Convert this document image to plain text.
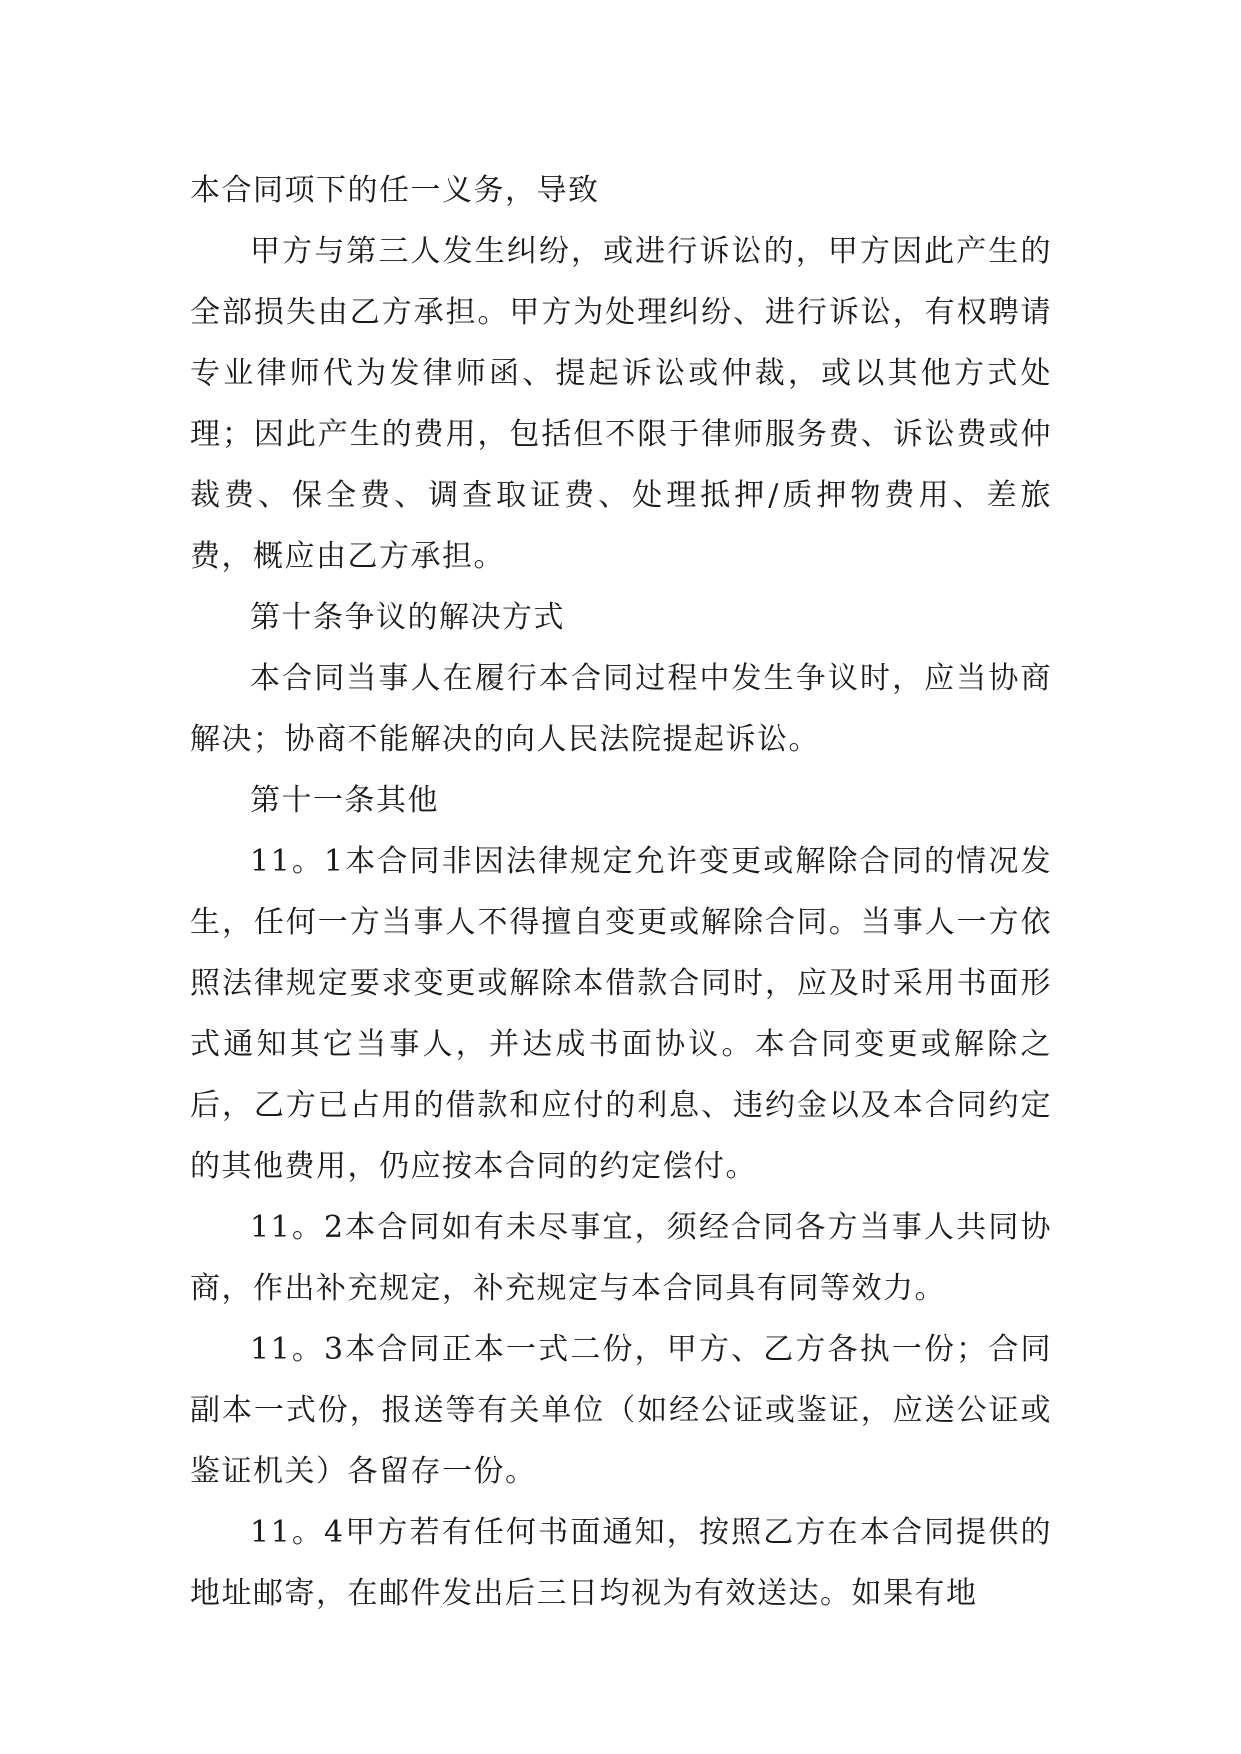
本合同项下的任一义务，导致

甲方与第三人发生纠纷，或进行诉讼的，甲方因此产生的全部损失由乙方承担。甲方为处理纠纷、进行诉讼，有权聘请专业律师代为发律师函、提起诉讼或仲裁，或以其他方式处理；因此产生的费用，包括但不限于律师服务费、诉讼费或仲裁费、保全费、调查取证费、处理抵押/质押物费用、差旅费，概应由乙方承担。

第十条争议的解决方式

本合同当事人在履行本合同过程中发生争议时，应当协商解决；协商不能解决的向人民法院提起诉讼。

第十一条其他

11。1本合同非因法律规定允许变更或解除合同的情况发生，任何一方当事人不得擅自变更或解除合同。当事人一方依照法律规定要求变更或解除本借款合同时，应及时采用书面形式通知其它当事人，并达成书面协议。本合同变更或解除之后，乙方已占用的借款和应付的利息、违约金以及本合同约定的其他费用，仍应按本合同的约定偿付。

11。2本合同如有未尽事宜，须经合同各方当事人共同协商，作出补充规定，补充规定与本合同具有同等效力。

11。3本合同正本一式二份，甲方、乙方各执一份；合同副本一式份，报送等有关单位（如经公证或鉴证，应送公证或鉴证机关）各留存一份。

11。4甲方若有任何书面通知，按照乙方在本合同提供的地址邮寄，在邮件发出后三日均视为有效送达。如果有地
